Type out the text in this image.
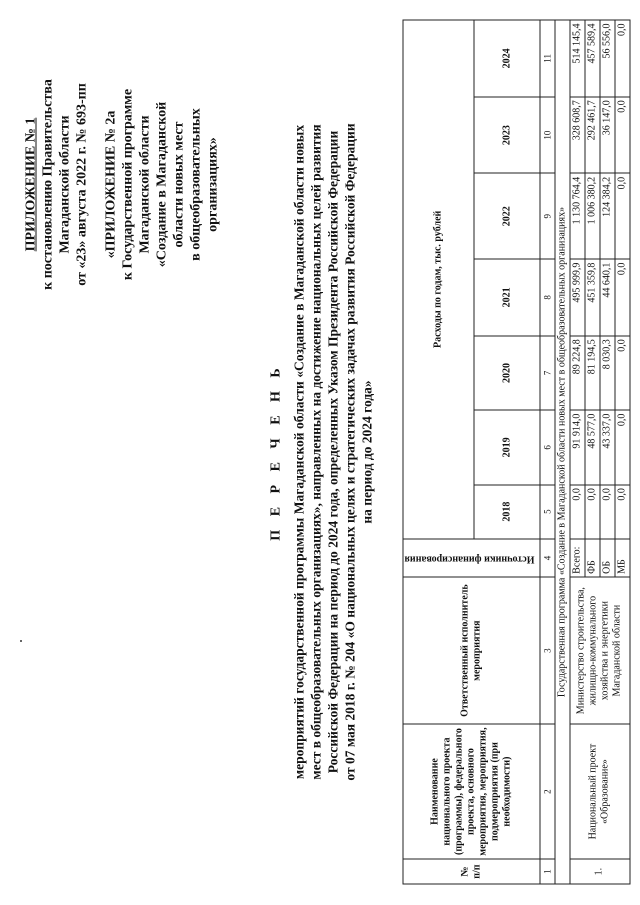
ПРИЛОЖЕНИЕ № 1 к постановлению Правительства Магаданской области от «23» августа 2022 г. № 693-пп «ПРИЛОЖЕНИЕ № 2а к Государственной программе Магаданской области «Создание в Магаданской области новых мест в общеобразовательных организациях»
П Е Р Е Ч Е Н Ь мероприятий государственной программы Магаданской области «Создание в Магаданской области новых мест в общеобразовательных организациях», направленных на достижение национальных целей развития Российской Федерации на период до 2024 года, определенных Указом Президента Российской Федерации от 07 мая 2018 г. № 204 «О национальных целях и стратегических задачах развития Российской Федерации на период до 2024 года»
№ п/п	Наименование национального проекта (программы), федерального проекта, основного мероприятия, мероприятия, подмероприятия (при необходимости)	Ответственный исполнитель мероприятия	Источники финансирования	Расходы по годам, тыс. рублей						
				2018	2019	2020	2021	2022	2023	2024
1	2	3	4	5	6	7	8	9	10	11
Государственная программа «Создание в Магаданской области новых мест в общеобразовательных организациях»										
1.	Национальный проект «Образование»	Министерство строительства, жилищно-коммунального хозяйства и энергетики Магаданской области	Всего:	0,0	91 914,0	89 224,8	495 999,9	1 130 764,4	328 608,7	514 145,4
			ФБ	0,0	48 577,0	81 194,5	451 359,8	1 006 380,2	292 461,7	457 589,4
			ОБ	0,0	43 337,0	8 030,3	44 640,1	124 384,2	36 147,0	56 556,0
			МБ	0,0	0,0	0,0	0,0	0,0	0,0	0,0
